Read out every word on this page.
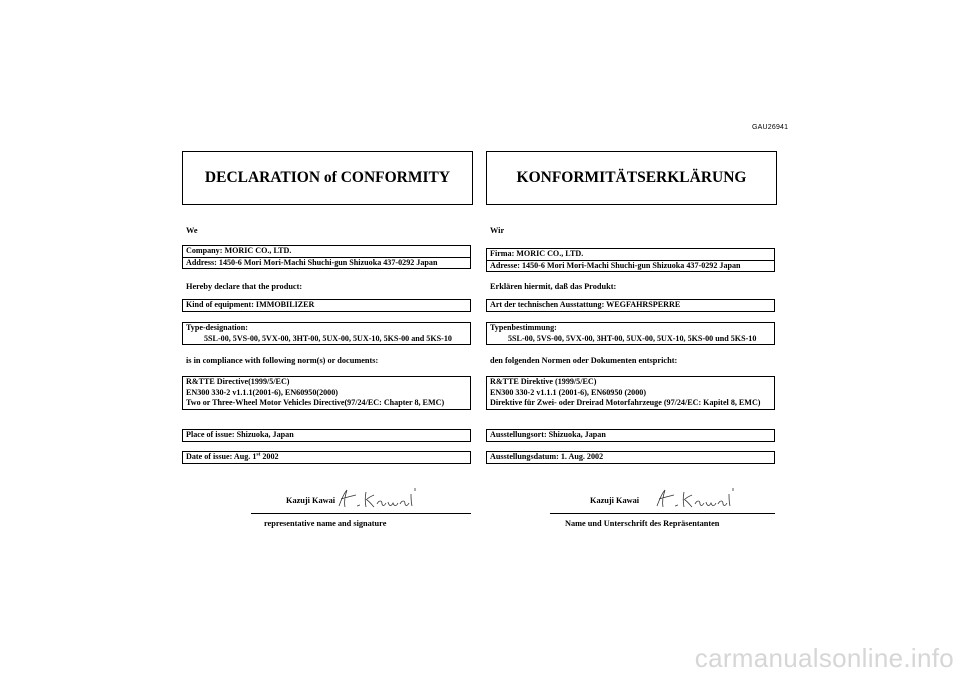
GAU26941
DECLARATION of CONFORMITY
We
Company: MORIC CO., LTD.
Address: 1450-6 Mori Mori-Machi Shuchi-gun Shizuoka 437-0292 Japan
Hereby declare that the product:
Kind of equipment: IMMOBILIZER
Type-designation:
5SL-00, 5VS-00, 5VX-00, 3HT-00, 5UX-00, 5UX-10, 5KS-00 and 5KS-10
is in compliance with following norm(s) or documents:
R&TTE Directive(1999/5/EC)
EN300 330-2 v1.1.1(2001-6), EN60950(2000)
Two or Three-Wheel Motor Vehicles Directive(97/24/EC: Chapter 8, EMC)
Place of issue: Shizuoka, Japan
Date of issue: Aug. 1st 2002
Kazuji Kawai
representative name and signature
KONFORMITÄTSERKLÄRUNG
Wir
Firma: MORIC CO., LTD.
Adresse: 1450-6 Mori Mori-Machi Shuchi-gun Shizuoka 437-0292 Japan
Erklären hiermit, daß das Produkt:
Art der technischen Ausstattung: WEGFAHRSPERRE
Typenbestimmung:
5SL-00, 5VS-00, 5VX-00, 3HT-00, 5UX-00, 5UX-10, 5KS-00 und 5KS-10
den folgenden Normen oder Dokumenten entspricht:
R&TTE Direktive (1999/5/EC)
EN300 330-2 v1.1.1 (2001-6), EN60950 (2000)
Direktive für Zwei- oder Dreirad Motorfahrzeuge (97/24/EC: Kapitel 8, EMC)
Ausstellungsort: Shizuoka, Japan
Ausstellungsdatum: 1. Aug. 2002
Kazuji Kawai
Name und Unterschrift des Repräsentanten
carmanualsonline.info
